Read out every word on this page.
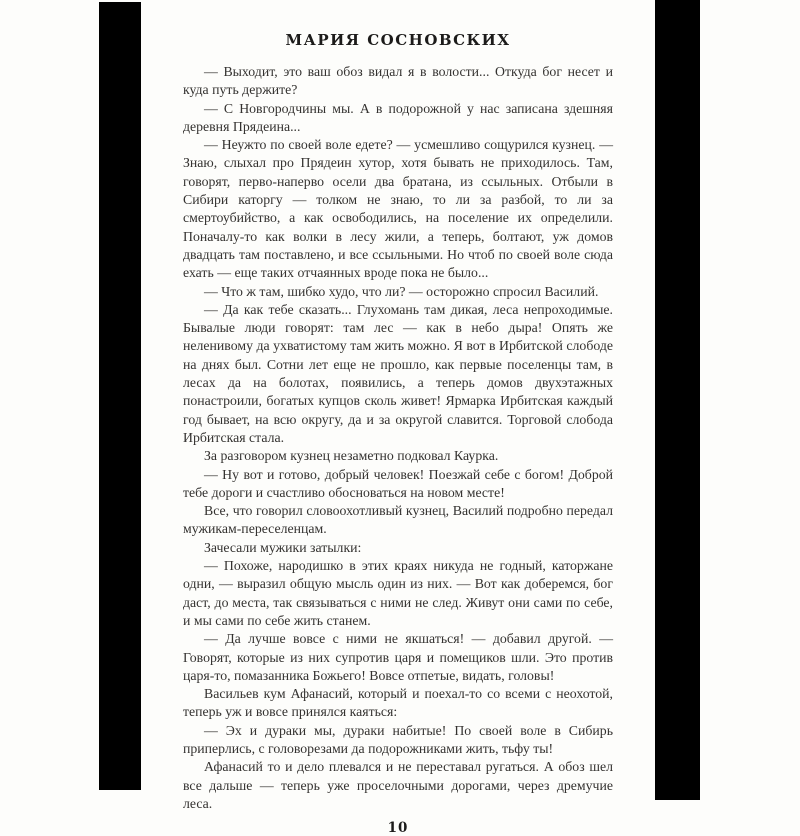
МАРИЯ СОСНОВСКИХ

— Выходит, это ваш обоз видал я в волости... Откуда бог несет и куда путь держите?

— С Новгородчины мы. А в подорожной у нас записана здешняя деревня Прядеина...

— Неужто по своей воле едете? — усмешливо сощурился кузнец. — Знаю, слыхал про Прядеин хутор, хотя бывать не приходилось. Там, говорят, перво-наперво осели два братана, из ссыльных. Отбыли в Сибири каторгу — толком не знаю, то ли за разбой, то ли за смертоубийство, а как освободились, на поселение их определили. Поначалу-то как волки в лесу жили, а теперь, болтают, уж домов двадцать там поставлено, и все ссыльными. Но чтоб по своей воле сюда ехать — еще таких отчаянных вроде пока не было...

— Что ж там, шибко худо, что ли? — осторожно спросил Василий.

— Да как тебе сказать... Глухомань там дикая, леса непроходимые. Бывалые люди говорят: там лес — как в небо дыра! Опять же неленивому да ухватистому там жить можно. Я вот в Ирбитской слободе на днях был. Сотни лет еще не прошло, как первые поселенцы там, в лесах да на болотах, появились, а теперь домов двухэтажных понастроили, богатых купцов сколь живет! Ярмарка Ирбитская каждый год бывает, на всю округу, да и за округой славится. Торговой слобода Ирбитская стала.

За разговором кузнец незаметно подковал Каурка.

— Ну вот и готово, добрый человек! Поезжай себе с богом! Доброй тебе дороги и счастливо обосноваться на новом месте!

Все, что говорил словоохотливый кузнец, Василий подробно передал мужикам-переселенцам.

Зачесали мужики затылки:

— Похоже, народишко в этих краях никуда не годный, каторжане одни, — выразил общую мысль один из них. — Вот как доберемся, бог даст, до места, так связываться с ними не след. Живут они сами по себе, и мы сами по себе жить станем.

— Да лучше вовсе с ними не якшаться! — добавил другой. — Говорят, которые из них супротив царя и помещиков шли. Это против царя-то, помазанника Божьего! Вовсе отпетые, видать, головы!

Васильев кум Афанасий, который и поехал-то со всеми с неохотой, теперь уж и вовсе принялся каяться:

— Эх и дураки мы, дураки набитые! По своей воле в Сибирь приперлись, с головорезами да подорожниками жить, тьфу ты!

Афанасий то и дело плевался и не переставал ругаться. А обоз шел все дальше — теперь уже проселочными дорогами, через дремучие леса.

10
